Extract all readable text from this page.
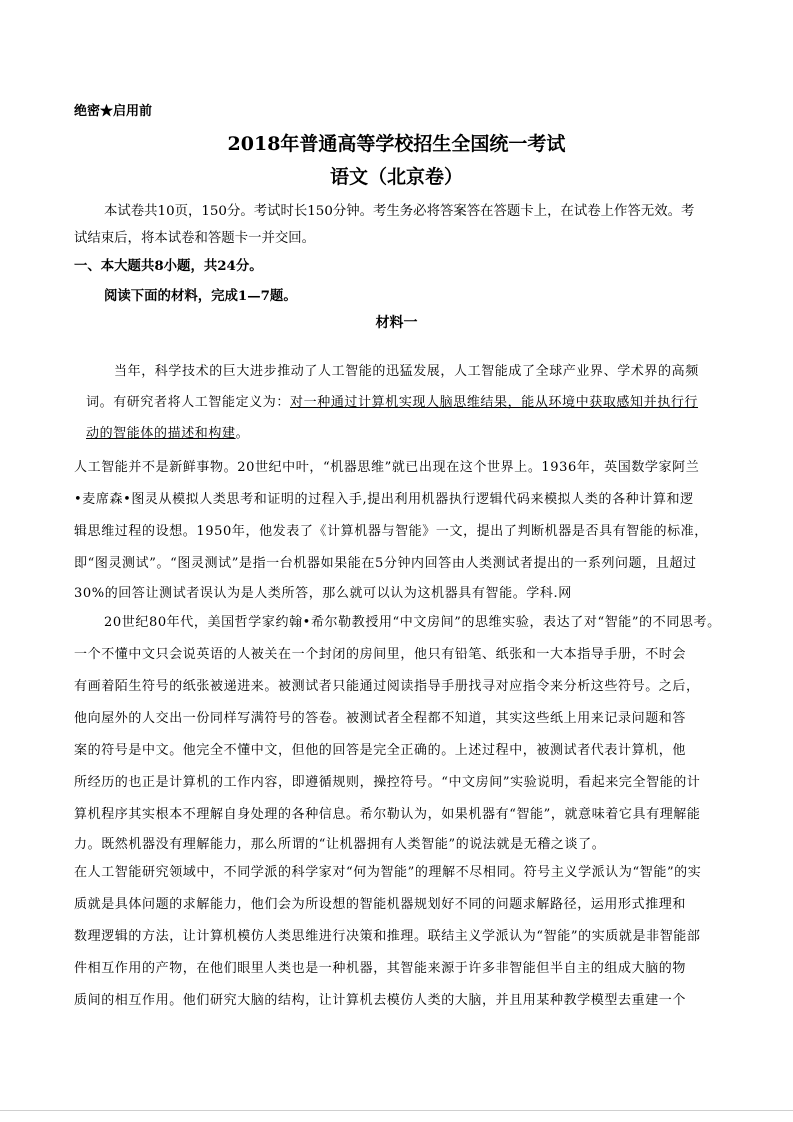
绝密★启用前
2018年普通高等学校招生全国统一考试
语文（北京卷）
本试卷共10页，150分。考试时长150分钟。考生务必将答案答在答题卡上，在试卷上作答无效。考
试结束后，将本试卷和答题卡一并交回。
一、本大题共8小题，共24分。
阅读下面的材料，完成1—7题。
材料一
当年，科学技术的巨大进步推动了人工智能的迅猛发展，人工智能成了全球产业界、学术界的高频
词。有研究者将人工智能定义为：对一种通过计算机实现人脑思维结果，能从环境中获取感知并执行行
动的智能体的描述和构建。
人工智能并不是新鲜事物。20世纪中叶，“机器思维”就已出现在这个世界上。1936年，英国数学家阿兰
•麦席森•图灵从模拟人类思考和证明的过程入手,提出利用机器执行逻辑代码来模拟人类的各种计算和逻
辑思维过程的设想。1950年，他发表了《计算机器与智能》一文，提出了判断机器是否具有智能的标准，
即“图灵测试”。“图灵测试”是指一台机器如果能在5分钟内回答由人类测试者提出的一系列问题，且超过
30%的回答让测试者误认为是人类所答，那么就可以认为这机器具有智能。学科.网
20世纪80年代，美国哲学家约翰•希尔勒教授用“中文房间”的思维实验，表达了对“智能”的不同思考。
一个不懂中文只会说英语的人被关在一个封闭的房间里，他只有铅笔、纸张和一大本指导手册，不时会
有画着陌生符号的纸张被递进来。被测试者只能通过阅读指导手册找寻对应指令来分析这些符号。之后，
他向屋外的人交出一份同样写满符号的答卷。被测试者全程都不知道，其实这些纸上用来记录问题和答
案的符号是中文。他完全不懂中文，但他的回答是完全正确的。上述过程中，被测试者代表计算机，他
所经历的也正是计算机的工作内容，即遵循规则，操控符号。“中文房间”实验说明，看起来完全智能的计
算机程序其实根本不理解自身处理的各种信息。希尔勒认为，如果机器有“智能”，就意味着它具有理解能
力。既然机器没有理解能力，那么所谓的“让机器拥有人类智能”的说法就是无稽之谈了。
在人工智能研究领域中，不同学派的科学家对“何为智能”的理解不尽相同。符号主义学派认为“智能”的实
质就是具体问题的求解能力，他们会为所设想的智能机器规划好不同的问题求解路径，运用形式推理和
数理逻辑的方法，让计算机模仿人类思维进行决策和推理。联结主义学派认为“智能”的实质就是非智能部
件相互作用的产物，在他们眼里人类也是一种机器，其智能来源于许多非智能但半自主的组成大脑的物
质间的相互作用。他们研究大脑的结构，让计算机去模仿人类的大脑，并且用某种教学模型去重建一个
